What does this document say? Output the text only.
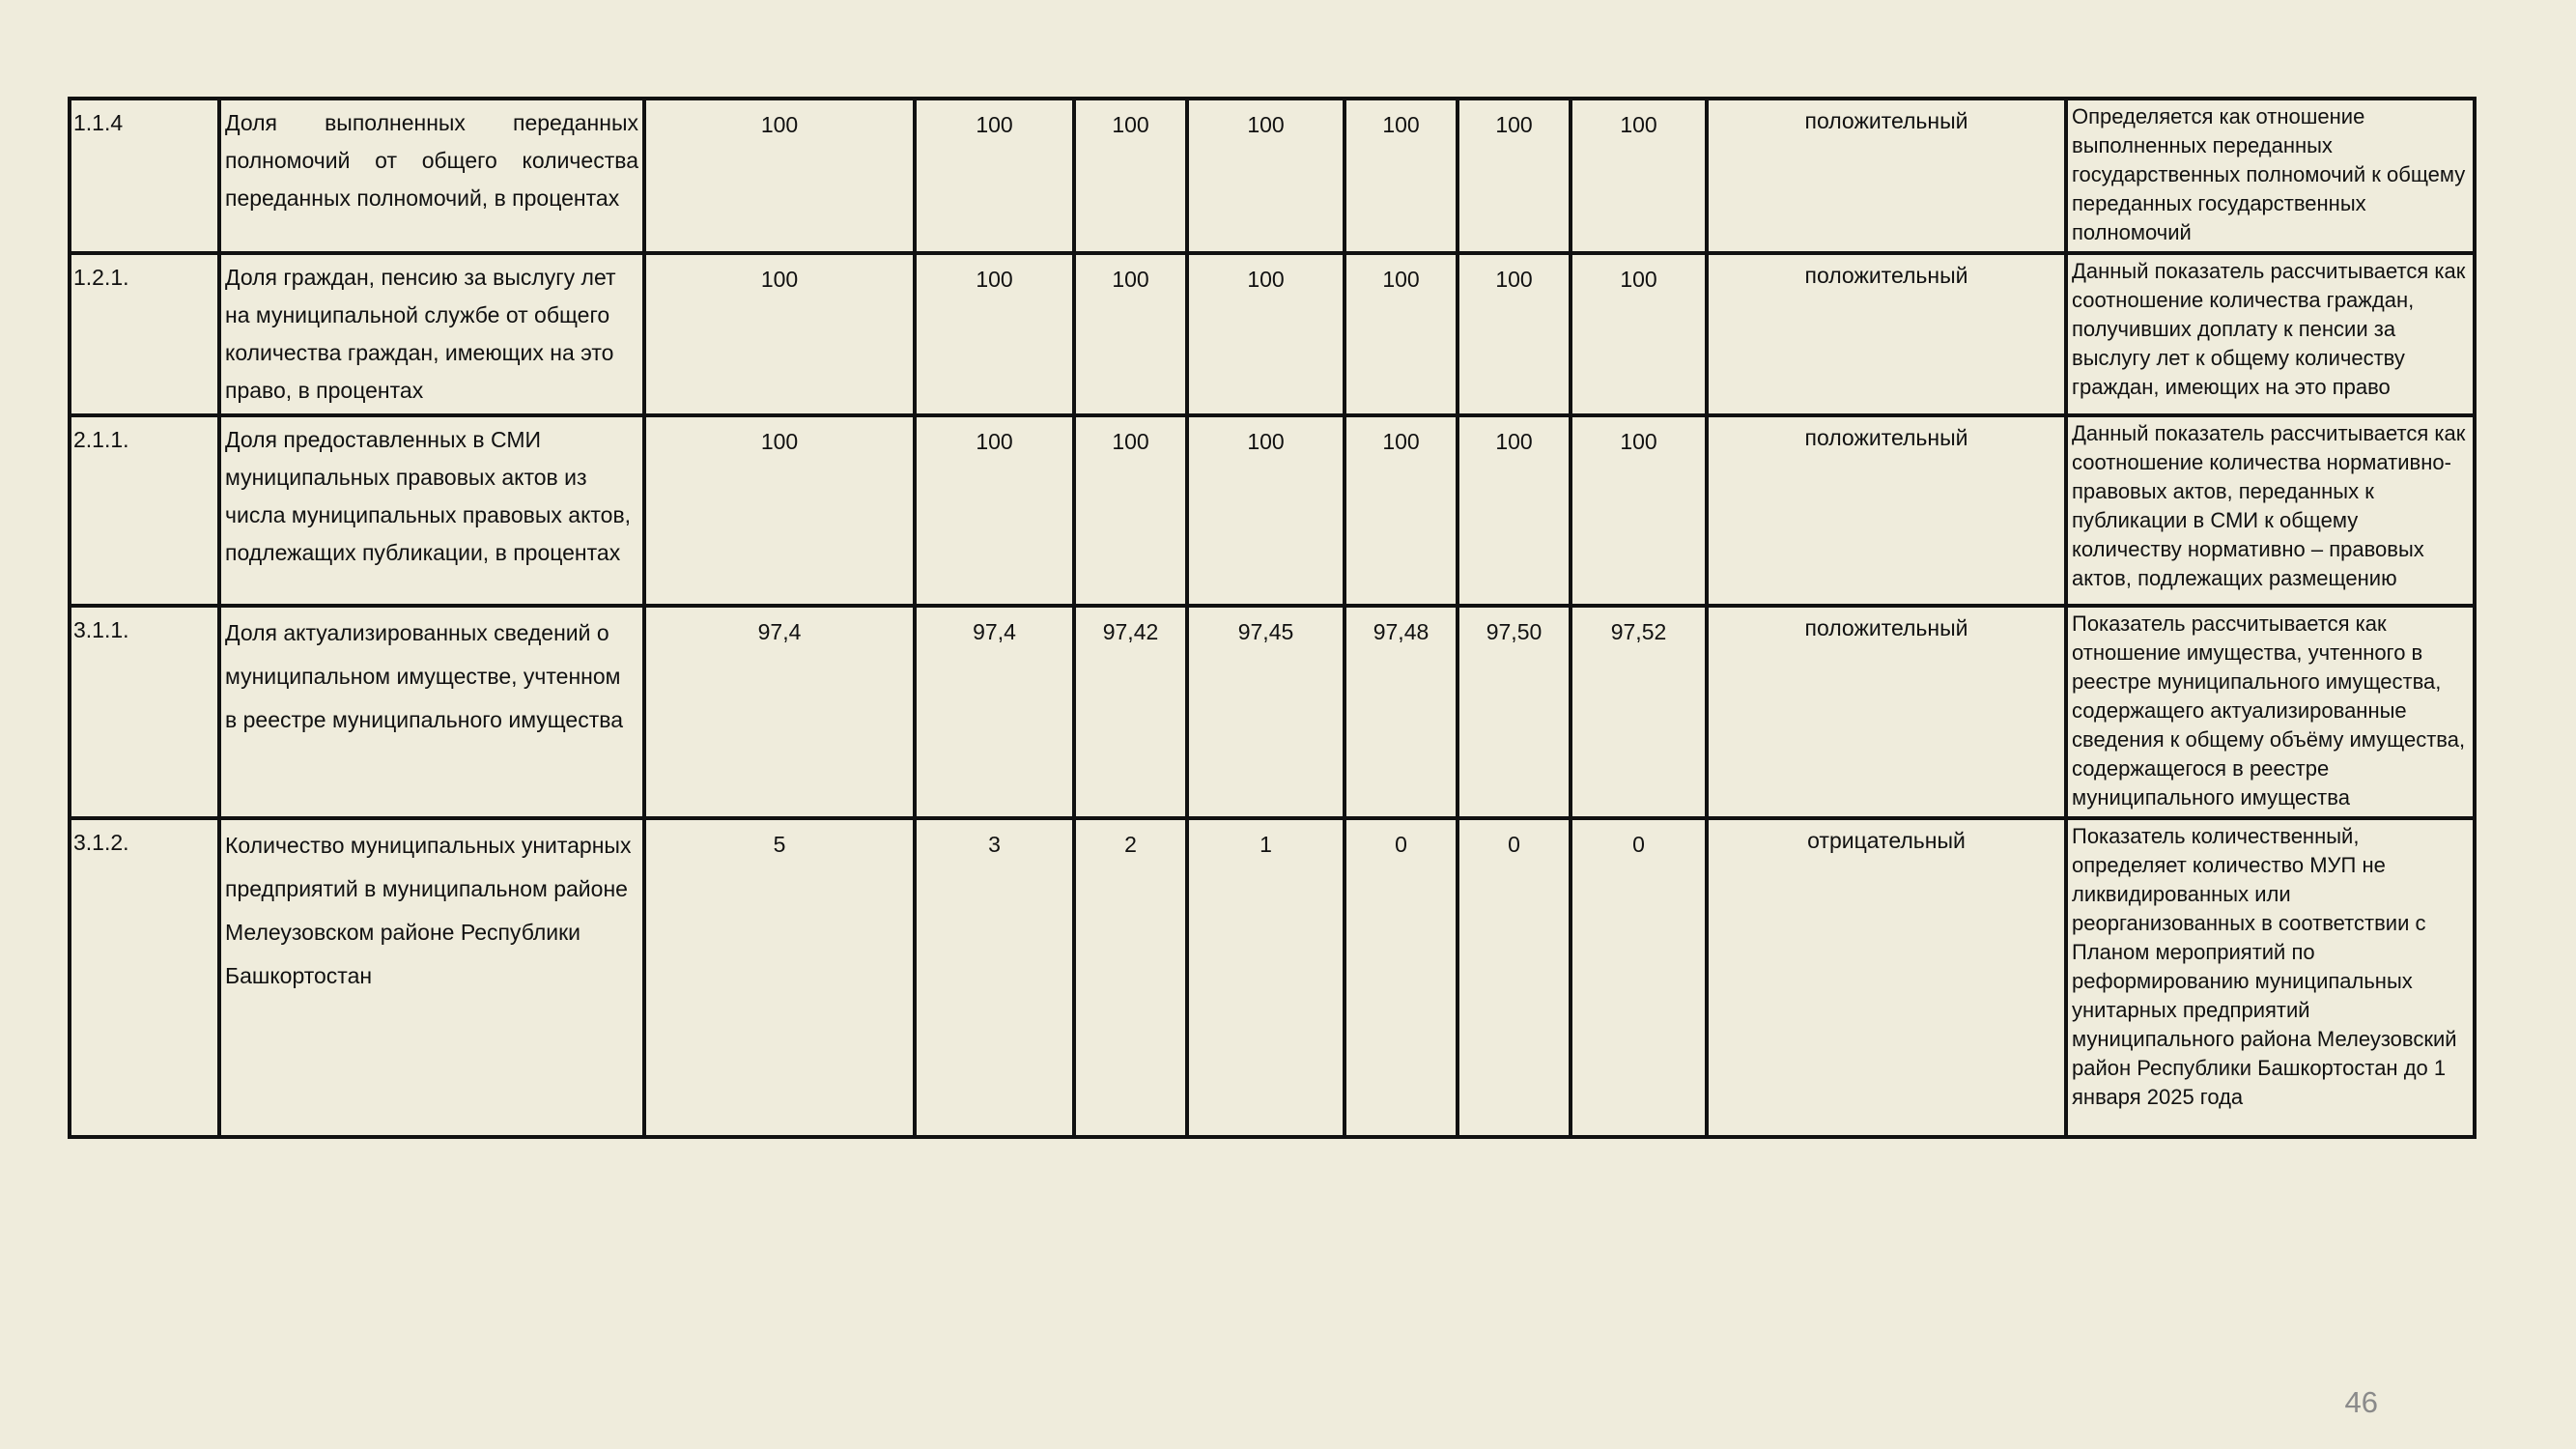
1.1.4	Доля выполненных переданных полномочий от общего количества переданных полномочий, в процентах	100	100	100	100	100	100	100	положительный	Определяется как отношение выполненных переданных государственных полномочий к общему переданных государственных полномочий
1.2.1.	Доля граждан, пенсию за выслугу лет на муниципальной службе от общего количества граждан, имеющих на это право, в процентах	100	100	100	100	100	100	100	положительный	Данный показатель рассчитывается как соотношение количества граждан, получивших доплату к пенсии за выслугу лет к общему количеству граждан, имеющих на это право
2.1.1.	Доля предоставленных в СМИ муниципальных правовых актов из числа муниципальных правовых актов, подлежащих публикации, в процентах	100	100	100	100	100	100	100	положительный	Данный показатель рассчитывается как соотношение количества нормативно-правовых актов, переданных к публикации в СМИ к общему количеству нормативно – правовых актов, подлежащих размещению
3.1.1.	Доля актуализированных сведений о муниципальном имуществе, учтенном в реестре муниципального имущества	97,4	97,4	97,42	97,45	97,48	97,50	97,52	положительный	Показатель рассчитывается как отношение имущества, учтенного в реестре муниципального имущества, содержащего актуализированные сведения к общему объёму имущества, содержащегося в реестре муниципального имущества
3.1.2.	Количество муниципальных унитарных предприятий в муниципальном районе Мелеузовском районе Республики Башкортостан	5	3	2	1	0	0	0	отрицательный	Показатель количественный, определяет количество МУП не ликвидированных или реорганизованных в соответствии с Планом мероприятий по реформированию муниципальных унитарных предприятий муниципального района Мелеузовский район Республики Башкортостан до 1 января 2025 года
46
